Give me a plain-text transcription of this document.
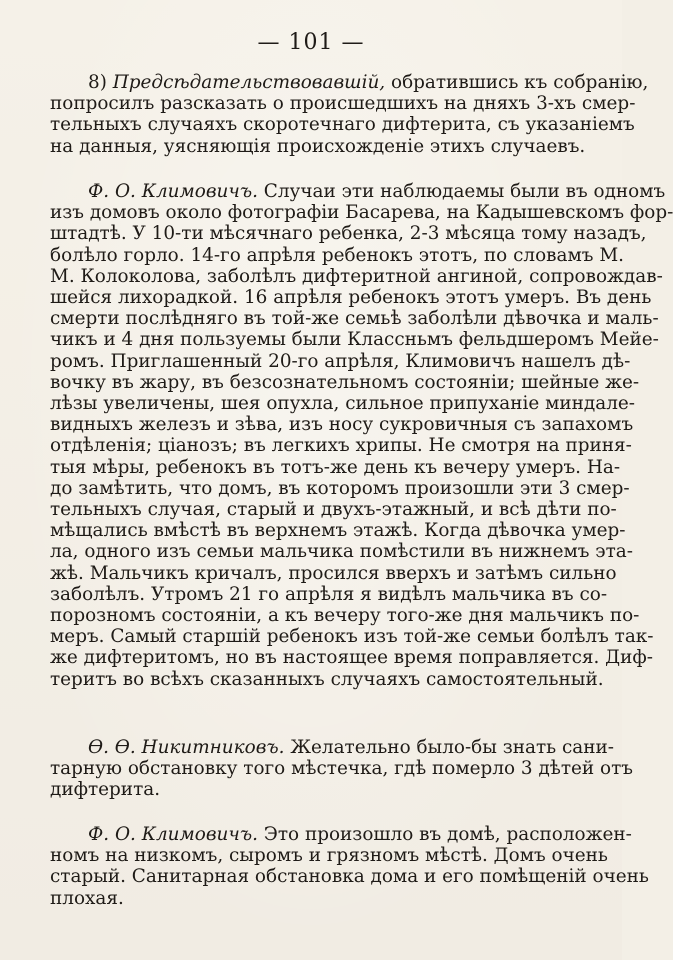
— 101 —
8) Предсѣдательствовавшій, обратившись къ собранію,
попросилъ разсказать о происшедшихъ на дняхъ 3-хъ смер-
тельныхъ случаяхъ скоротечнаго дифтерита, съ указаніемъ
на данныя, уясняющія происхожденіе этихъ случаевъ.
Ф. О. Климовичъ. Случаи эти наблюдаемы были въ одномъ
изъ домовъ около фотографіи Басарева, на Кадышевскомъ фор-
штадтѣ. У 10-ти мѣсячнаго ребенка, 2-3 мѣсяца тому назадъ,
болѣло горло. 14-го апрѣля ребенокъ этотъ, по словамъ М.
М. Колоколова, заболѣлъ дифтеритной ангиной, сопровождав-
шейся лихорадкой. 16 апрѣля ребенокъ этотъ умеръ. Въ день
смерти послѣдняго въ той-же семьѣ заболѣли дѣвочка и маль-
чикъ и 4 дня пользуемы были Классньмъ фельдшеромъ Мейе-
ромъ. Приглашенный 20-го апрѣля, Климовичъ нашелъ дѣ-
вочку въ жару, въ безсознательномъ состояніи; шейные же-
лѣзы увеличены, шея опухла, сильное припуханіе миндале-
видныхъ железъ и зѣва, изъ носу сукровичныя съ запахомъ
отдѣленія; ціанозъ; въ легкихъ хрипы. Не смотря на приня-
тыя мѣры, ребенокъ въ тотъ-же день къ вечеру умеръ. На-
до замѣтить, что домъ, въ которомъ произошли эти 3 смер-
тельныхъ случая, старый и двухъ-этажный, и всѣ дѣти по-
мѣщались вмѣстѣ въ верхнемъ этажѣ. Когда дѣвочка умер-
ла, одного изъ семьи мальчика помѣстили въ нижнемъ эта-
жѣ. Мальчикъ кричалъ, просился вверхъ и затѣмъ сильно
заболѣлъ. Утромъ 21 го апрѣля я видѣлъ мальчика въ со-
порозномъ состояніи, а къ вечеру того-же дня мальчикъ по-
меръ. Самый старшій ребенокъ изъ той-же семьи болѣлъ так-
же дифтеритомъ, но въ настоящее время поправляется. Диф-
теритъ во всѣхъ сказанныхъ случаяхъ самостоятельный.
Ѳ. Ѳ. Никитниковъ. Желательно было-бы знать сани-
тарную обстановку того мѣстечка, гдѣ померло 3 дѣтей отъ
дифтерита.
Ф. О. Климовичъ. Это произошло въ домѣ, расположен-
номъ на низкомъ, сыромъ и грязномъ мѣстѣ. Домъ очень
старый. Санитарная обстановка дома и его помѣщеній очень
плохая.
